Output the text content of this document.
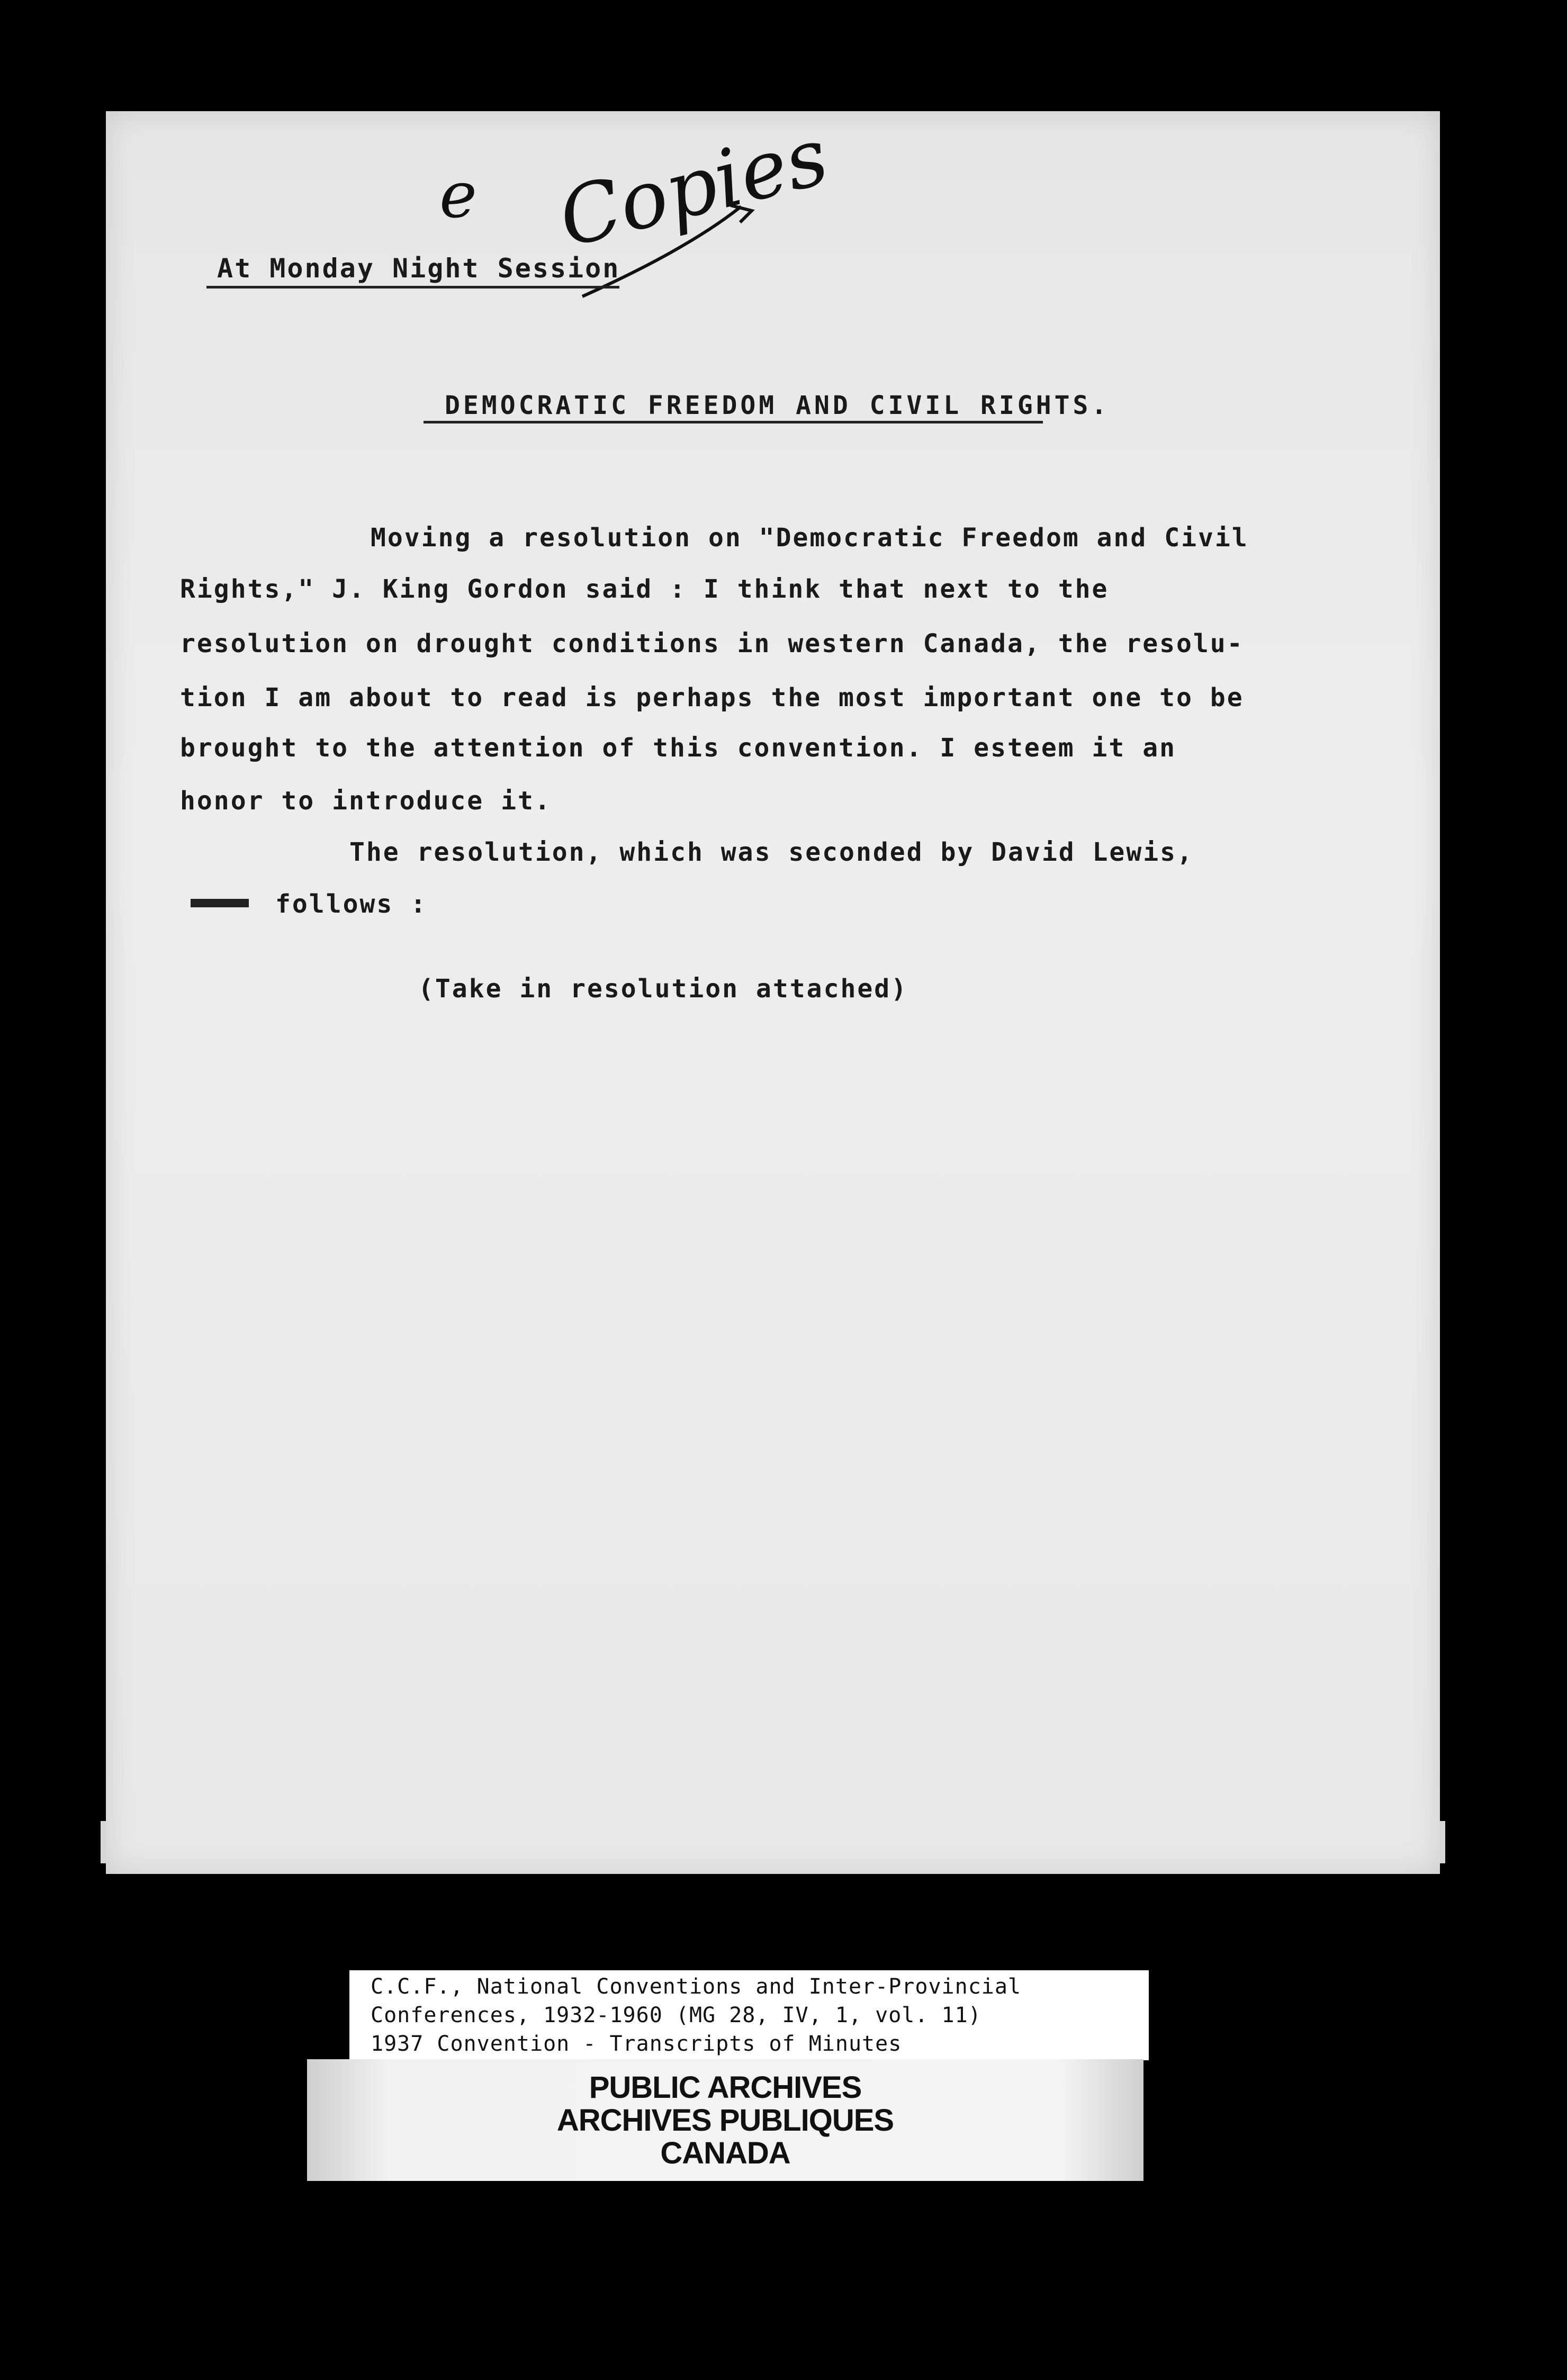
e Copies
At Monday Night Session
DEMOCRATIC FREEDOM AND CIVIL RIGHTS.
Moving a resolution on "Democratic Freedom and Civil
Rights," J. King Gordon said : I think that next to the
resolution on drought conditions in western Canada, the resolu-
tion I am about to read is perhaps the most important one to be
brought to the attention of this convention. I esteem it an
honor to introduce it.
The resolution, which was seconded by David Lewis,
follows :
(Take in resolution attached)
C.C.F., National Conventions and Inter-Provincial
Conferences, 1932-1960 (MG 28, IV, 1, vol. 11)
1937 Convention - Transcripts of Minutes
PUBLIC ARCHIVES
ARCHIVES PUBLIQUES
CANADA
